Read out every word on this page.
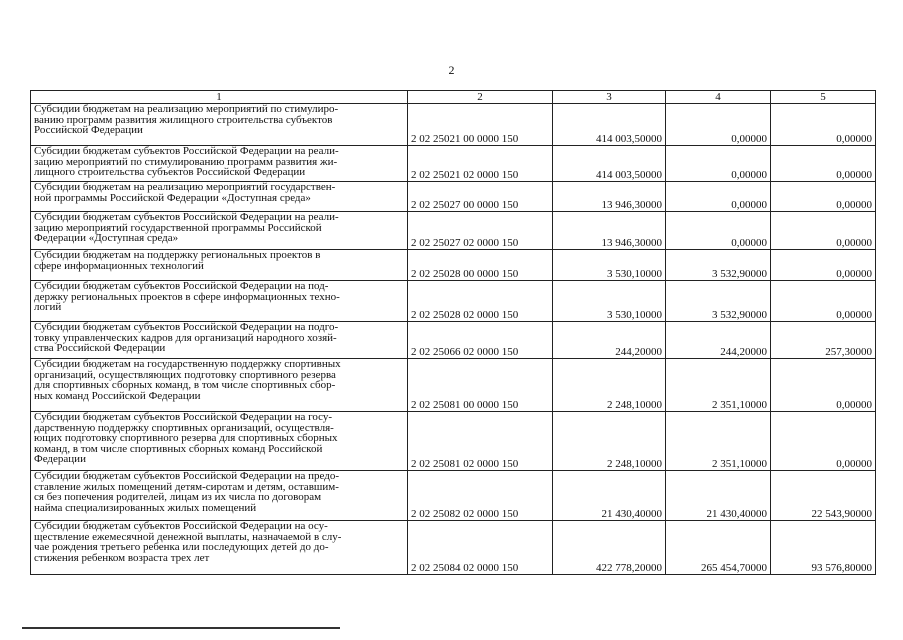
2
1	2	3	4	5

Субсидии бюджетам на реализацию мероприятий по стимулиро-
ванию программ развития жилищного строительства субъектов
Российской Федерации	2 02 25021 00 0000 150	414 003,50000	0,00000	0,00000

Субсидии бюджетам субъектов Российской Федерации на реали-
зацию мероприятий по стимулированию программ развития жи-
лищного строительства субъектов Российской Федерации	2 02 25021 02 0000 150	414 003,50000	0,00000	0,00000

Субсидии бюджетам на реализацию мероприятий государствен-
ной программы Российской Федерации «Доступная среда»	2 02 25027 00 0000 150	13 946,30000	0,00000	0,00000

Субсидии бюджетам субъектов Российской Федерации на реали-
зацию мероприятий государственной программы Российской
Федерации «Доступная среда»	2 02 25027 02 0000 150	13 946,30000	0,00000	0,00000

Субсидии бюджетам на поддержку региональных проектов в
сфере информационных технологий	2 02 25028 00 0000 150	3 530,10000	3 532,90000	0,00000

Субсидии бюджетам субъектов Российской Федерации на под-
держку региональных проектов в сфере информационных техно-
логий	2 02 25028 02 0000 150	3 530,10000	3 532,90000	0,00000

Субсидии бюджетам субъектов Российской Федерации на подго-
товку управленческих кадров для организаций народного хозяй-
ства Российской Федерации	2 02 25066 02 0000 150	244,20000	244,20000	257,30000

Субсидии бюджетам на государственную поддержку спортивных
организаций, осуществляющих подготовку спортивного резерва
для спортивных сборных команд, в том числе спортивных сбор-
ных команд Российской Федерации	2 02 25081 00 0000 150	2 248,10000	2 351,10000	0,00000

Субсидии бюджетам субъектов Российской Федерации на госу-
дарственную поддержку спортивных организаций, осуществля-
ющих подготовку спортивного резерва для спортивных сборных
команд, в том числе спортивных сборных команд Российской
Федерации	2 02 25081 02 0000 150	2 248,10000	2 351,10000	0,00000

Субсидии бюджетам субъектов Российской Федерации на предо-
ставление жилых помещений детям-сиротам и детям, оставшим-
ся без попечения родителей, лицам из их числа по договорам
найма специализированных жилых помещений	2 02 25082 02 0000 150	21 430,40000	21 430,40000	22 543,90000

Субсидии бюджетам субъектов Российской Федерации на осу-
ществление ежемесячной денежной выплаты, назначаемой в слу-
чае рождения третьего ребенка или последующих детей до до-
стижения ребенком возраста трех лет	2 02 25084 02 0000 150	422 778,20000	265 454,70000	93 576,80000
